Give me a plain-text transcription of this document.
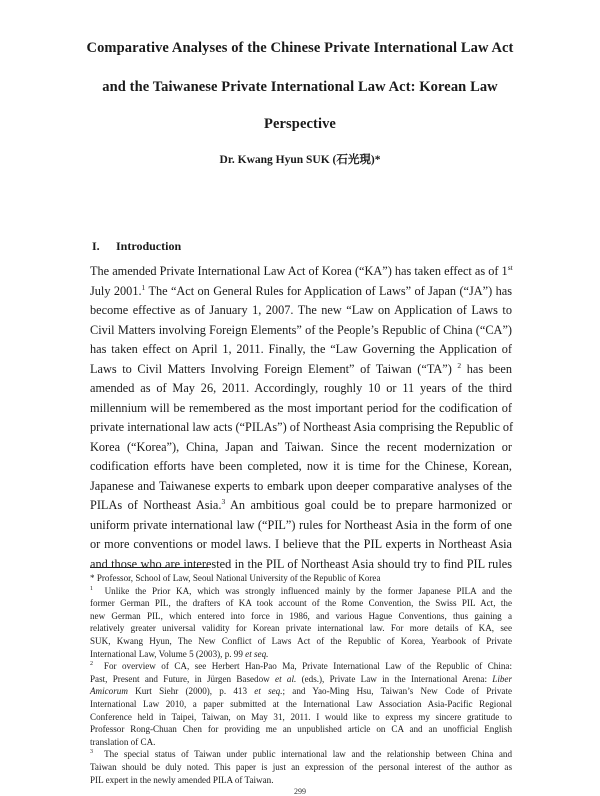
Comparative Analyses of the Chinese Private International Law Act
and the Taiwanese Private International Law Act: Korean Law
Perspective
Dr. Kwang Hyun SUK (石光現)*
I. Introduction
The amended Private International Law Act of Korea (“KA”) has taken effect as of 1st
July 2001.$^1$ The “Act on General Rules for Application of Laws” of Japan (“JA”) has
become effective as of January 1, 2007. The new “Law on Application of Laws to
Civil Matters involving Foreign Elements” of the People’s Republic of China (“CA”)
has taken effect on April 1, 2011. Finally, the “Law Governing the Application of
Laws to Civil Matters Involving Foreign Element” of Taiwan (“TA”) $^2$ has been
amended as of May 26, 2011. Accordingly, roughly 10 or 11 years of the third
millennium will be remembered as the most important period for the codification of
private international law acts (“PILAs”) of Northeast Asia comprising the Republic of
Korea (“Korea”), China, Japan and Taiwan. Since the recent modernization or
codification efforts have been completed, now it is time for the Chinese, Korean,
Japanese and Taiwanese experts to embark upon deeper comparative analyses of the
PILAs of Northeast Asia.$^3$ An ambitious goal could be to prepare harmonized or
uniform private international law (“PIL”) rules for Northeast Asia in the form of one
or more conventions or model laws. I believe that the PIL experts in Northeast Asia
and those who are interested in the PIL of Northeast Asia should try to find PIL rules
* Professor, School of Law, Seoul National University of the Republic of Korea
$^1$  Unlike the Prior KA, which was strongly influenced mainly by the former Japanese PILA and the
former German PIL, the drafters of KA took account of the Rome Convention, the Swiss PIL Act, the
new German PIL, which entered into force in 1986, and various Hague Conventions, thus gaining a
relatively greater universal validity for Korean private international law. For more details of KA, see
SUK, Kwang Hyun, The New Conflict of Laws Act of the Republic of Korea, Yearbook of Private
International Law, Volume 5 (2003), p. 99 et seq.
$^2$  For overview of CA, see Herbert Han-Pao Ma, Private International Law of the Republic of China:
Past, Present and Future, in Jürgen Basedow et al. (eds.), Private Law in the International Arena: Liber
Amicorum Kurt Siehr (2000), p. 413 et seq.; and Yao-Ming Hsu, Taiwan’s New Code of Private
International Law 2010, a paper submitted at the International Law Association Asia-Pacific Regional
Conference held in Taipei, Taiwan, on May 31, 2011. I would like to express my sincere gratitude to
Professor Rong-Chuan Chen for providing me an unpublished article on CA and an unofficial English
translation of CA.
$^3$  The special status of Taiwan under public international law and the relationship between China and
Taiwan should be duly noted. This paper is just an expression of the personal interest of the author as
PIL expert in the newly amended PILA of Taiwan.
299
